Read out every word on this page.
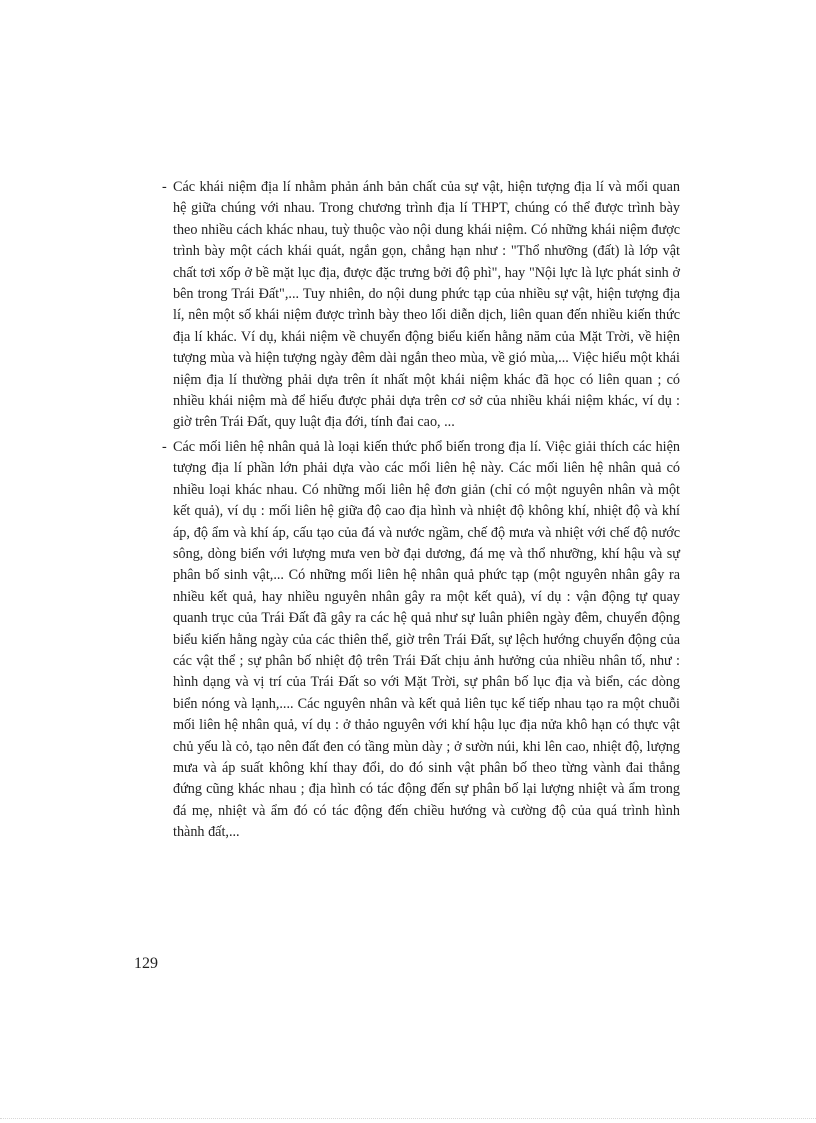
- Các khái niệm địa lí nhằm phản ánh bản chất của sự vật, hiện tượng địa lí và mối quan hệ giữa chúng với nhau. Trong chương trình địa lí THPT, chúng có thể được trình bày theo nhiều cách khác nhau, tuỳ thuộc vào nội dung khái niệm. Có những khái niệm được trình bày một cách khái quát, ngắn gọn, chẳng hạn như : "Thổ nhưỡng (đất) là lớp vật chất tơi xốp ở bề mặt lục địa, được đặc trưng bởi độ phì", hay "Nội lực là lực phát sinh ở bên trong Trái Đất",... Tuy nhiên, do nội dung phức tạp của nhiều sự vật, hiện tượng địa lí, nên một số khái niệm được trình bày theo lối diễn dịch, liên quan đến nhiều kiến thức địa lí khác. Ví dụ, khái niệm về chuyển động biểu kiến hằng năm của Mặt Trời, về hiện tượng mùa và hiện tượng ngày đêm dài ngắn theo mùa, về gió mùa,... Việc hiểu một khái niệm địa lí thường phải dựa trên ít nhất một khái niệm khác đã học có liên quan ; có nhiều khái niệm mà để hiểu được phải dựa trên cơ sở của nhiều khái niệm khác, ví dụ : giờ trên Trái Đất, quy luật địa đới, tính đai cao, ...

- Các mối liên hệ nhân quả là loại kiến thức phổ biến trong địa lí. Việc giải thích các hiện tượng địa lí phần lớn phải dựa vào các mối liên hệ này. Các mối liên hệ nhân quả có nhiều loại khác nhau. Có những mối liên hệ đơn giản (chỉ có một nguyên nhân và một kết quả), ví dụ : mối liên hệ giữa độ cao địa hình và nhiệt độ không khí, nhiệt độ và khí áp, độ ẩm và khí áp, cấu tạo của đá và nước ngầm, chế độ mưa và nhiệt với chế độ nước sông, dòng biển với lượng mưa ven bờ đại dương, đá mẹ và thổ nhưỡng, khí hậu và sự phân bố sinh vật,... Có những mối liên hệ nhân quả phức tạp (một nguyên nhân gây ra nhiều kết quả, hay nhiều nguyên nhân gây ra một kết quả), ví dụ : vận động tự quay quanh trục của Trái Đất đã gây ra các hệ quả như sự luân phiên ngày đêm, chuyển động biểu kiến hằng ngày của các thiên thể, giờ trên Trái Đất, sự lệch hướng chuyển động của các vật thể ; sự phân bố nhiệt độ trên Trái Đất chịu ảnh hưởng của nhiều nhân tố, như : hình dạng và vị trí của Trái Đất so với Mặt Trời, sự phân bố lục địa và biển, các dòng biển nóng và lạnh,.... Các nguyên nhân và kết quả liên tục kế tiếp nhau tạo ra một chuỗi mối liên hệ nhân quả, ví dụ : ở thảo nguyên với khí hậu lục địa nửa khô hạn có thực vật chủ yếu là cỏ, tạo nên đất đen có tầng mùn dày ; ở sườn núi, khi lên cao, nhiệt độ, lượng mưa và áp suất không khí thay đổi, do đó sinh vật phân bố theo từng vành đai thẳng đứng cũng khác nhau ; địa hình có tác động đến sự phân bố lại lượng nhiệt và ẩm trong đá mẹ, nhiệt và ẩm đó có tác động đến chiều hướng và cường độ của quá trình hình thành đất,...

129
